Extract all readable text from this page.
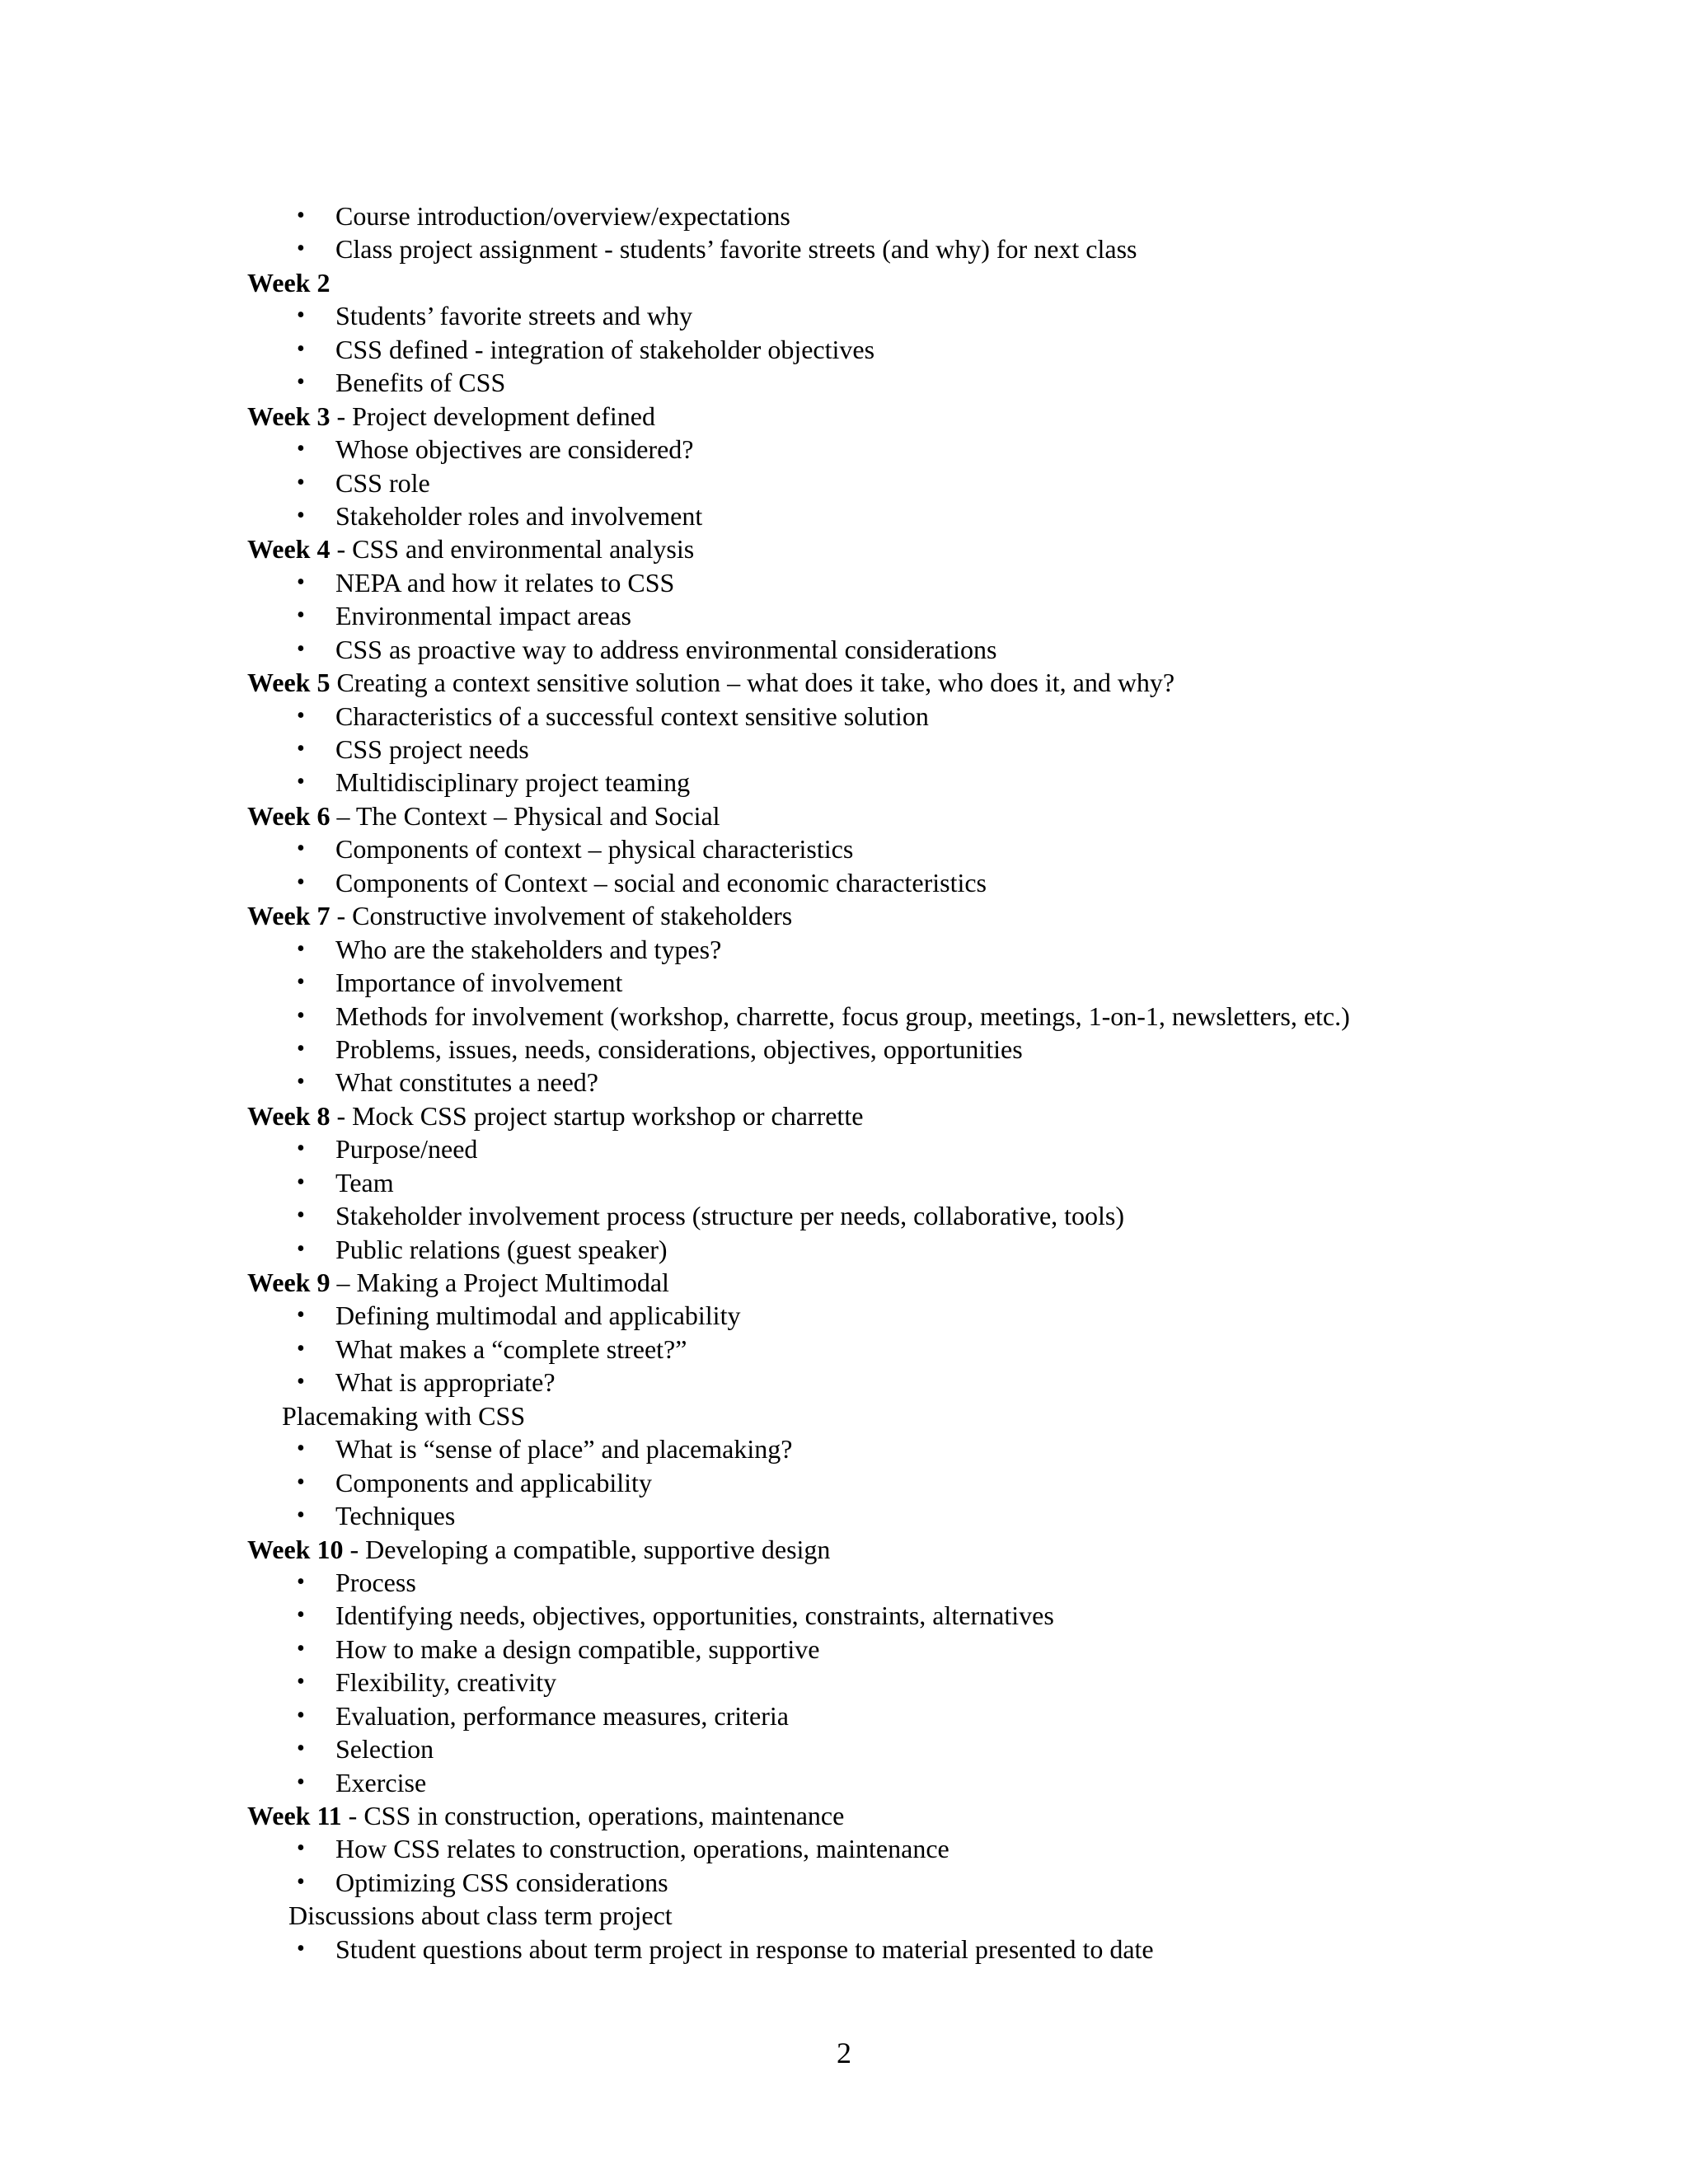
• Course introduction/overview/expectations
• Class project assignment - students’ favorite streets (and why) for next class
Week 2
• Students’ favorite streets and why
• CSS defined - integration of stakeholder objectives
• Benefits of CSS
Week 3 - Project development defined
• Whose objectives are considered?
• CSS role
• Stakeholder roles and involvement
Week 4 - CSS and environmental analysis
• NEPA and how it relates to CSS
• Environmental impact areas
• CSS as proactive way to address environmental considerations
Week 5 Creating a context sensitive solution – what does it take, who does it, and why?
• Characteristics of a successful context sensitive solution
• CSS project needs
• Multidisciplinary project teaming
Week 6 – The Context – Physical and Social
• Components of context – physical characteristics
• Components of Context – social and economic characteristics
Week 7 - Constructive involvement of stakeholders
• Who are the stakeholders and types?
• Importance of involvement
• Methods for involvement (workshop, charrette, focus group, meetings, 1-on-1, newsletters, etc.)
• Problems, issues, needs, considerations, objectives, opportunities
• What constitutes a need?
Week 8 - Mock CSS project startup workshop or charrette
• Purpose/need
• Team
• Stakeholder involvement process (structure per needs, collaborative, tools)
• Public relations (guest speaker)
Week 9 – Making a Project Multimodal
• Defining multimodal and applicability
• What makes a “complete street?”
• What is appropriate?
Placemaking with CSS
• What is “sense of place” and placemaking?
• Components and applicability
• Techniques
Week 10 - Developing a compatible, supportive design
• Process
• Identifying needs, objectives, opportunities, constraints, alternatives
• How to make a design compatible, supportive
• Flexibility, creativity
• Evaluation, performance measures, criteria
• Selection
• Exercise
Week 11 - CSS in construction, operations, maintenance
• How CSS relates to construction, operations, maintenance
• Optimizing CSS considerations
Discussions about class term project
• Student questions about term project in response to material presented to date
2
